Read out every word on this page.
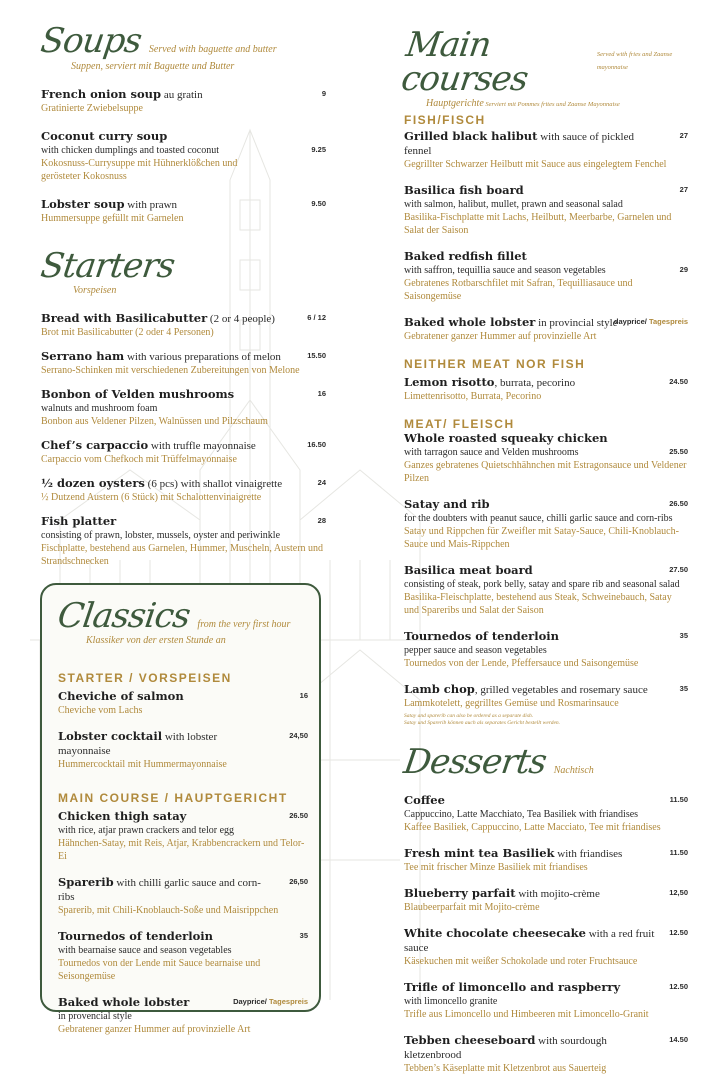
Soups Served with baguette and butter
Suppen, serviert mit Baguette und Butter
French onion soup au gratin
Gratinierte Zwiebelsuppe
9
Coconut curry soup
with chicken dumplings and toasted coconut
Kokosnuss-Currysuppe mit Hühnerklößchen und gerösteter Kokosnuss
9.25
Lobster soup with prawn
Hummersuppe gefüllt mit Garnelen
9.50
Starters
Vorspeisen
Bread with Basilicabutter (2 or 4 people)
Brot mit Basilicabutter (2 oder 4 Personen)
6 / 12
Serrano ham with various preparations of melon
Serrano-Schinken mit verschiedenen Zubereitungen von Melone
15.50
Bonbon of Velden mushrooms
walnuts and mushroom foam
Bonbon aus Veldener Pilzen, Walnüssen und Pilzschaum
16
Chef’s carpaccio with truffle mayonnaise
Carpaccio vom Chefkoch mit Trüffelmayonnaise
16.50
½ dozen oysters (6 pcs) with shallot vinaigrette
½ Dutzend Austern (6 Stück) mit Schalottenvinaigrette
24
Fish platter
consisting of prawn, lobster, mussels, oyster and periwinkle
Fischplatte, bestehend aus Garnelen, Hummer, Muscheln, Austern und Strandschnecken
28
Classics from the very first hour
Klassiker von der ersten Stunde an
STARTER / VORSPEISEN
Cheviche of salmon
Cheviche vom Lachs
16
Lobster cocktail with lobster mayonnaise
Hummercocktail mit Hummermayonnaise
24,50
MAIN COURSE / HAUPTGERICHT
Chicken thigh satay
with rice, atjar prawn crackers and telor egg
Hähnchen-Satay, mit Reis, Atjar, Krabbencrackern und Telor-Ei
26.50
Sparerib with chilli garlic sauce and corn-ribs
Sparerib, mit Chili-Knoblauch-Soße und Maisrippchen
26,50
Tournedos of tenderloin
with bearnaise sauce and season vegetables
Tournedos von der Lende mit Sauce bearnaise und Seisongemüse
35
Baked whole lobster
in provencial style
Gebratener ganzer Hummer auf provinzielle Art
Dayprice/ Tagespreis
Main courses
Served with fries and Zaanse mayonnaise
Hauptgerichte Serviert mit Pommes frites und Zaanse Mayonnaise
FISH/FISCH
Grilled black halibut with sauce of pickled fennel
Gegrillter Schwarzer Heilbutt mit Sauce aus eingelegtem Fenchel
27
Basilica fish board
with salmon, halibut, mullet, prawn and seasonal salad
Basilika-Fischplatte mit Lachs, Heilbutt, Meerbarbe, Garnelen und Salat der Saison
27
Baked redfish fillet
with saffron, tequillia sauce and season vegetables
Gebratenes Rotbarschfilet mit Safran, Tequilliasauce und Saisongemüse
29
Baked whole lobster in provincial style
Gebratener ganzer Hummer auf provinzielle Art
dayprice/ Tagespreis
NEITHER MEAT NOR FISH
Lemon risotto, burrata, pecorino
Limettenrisotto, Burrata, Pecorino
24.50
MEAT/ FLEISCH
Whole roasted squeaky chicken
with tarragon sauce and Velden mushrooms
Ganzes gebratenes Quietschhähnchen mit Estragonsauce und Veldener Pilzen
25.50
Satay and rib
for the doubters with peanut sauce, chilli garlic sauce and corn-ribs
Satay und Rippchen für Zweifler mit Satay-Sauce, Chili-Knoblauch-Sauce und Mais-Rippchen
26.50
Basilica meat board
consisting of steak, pork belly, satay and spare rib and seasonal salad
Basilika-Fleischplatte, bestehend aus Steak, Schweinebauch, Satay und Spareribs und Salat der Saison
27.50
Tournedos of tenderloin
pepper sauce and season vegetables
Tournedos von der Lende, Pfeffersauce und Saisongemüse
35
Lamb chop, grilled vegetables and rosemary sauce
Lammkotelett, gegrilltes Gemüse und Rosmarinsauce
35
Satay and sparerib can also be ordered as a separate dish.
Satay und Sparerib können auch als separates Gericht bestellt werden.
Desserts Nachtisch
Coffee
Cappuccino, Latte Macchiato, Tea Basiliek with friandises
Kaffee Basiliek, Cappuccino, Latte Macciato, Tee mit friandises
11.50
Fresh mint tea Basiliek with friandises
Tee mit frischer Minze Basiliek mit friandises
11.50
Blueberry parfait with mojito-crème
Blaubeerparfait mit Mojito-crème
12,50
White chocolate cheesecake with a red fruit sauce
Käsekuchen mit weißer Schokolade und roter Fruchtsauce
12.50
Trifle of limoncello and raspberry
with limoncello granite
Trifle aus Limoncello und Himbeeren mit Limoncello-Granit
12.50
Tebben cheeseboard with sourdough kletzenbrood
Tebben’s Käseplatte mit Kletzenbrot aus Sauerteig
14.50
